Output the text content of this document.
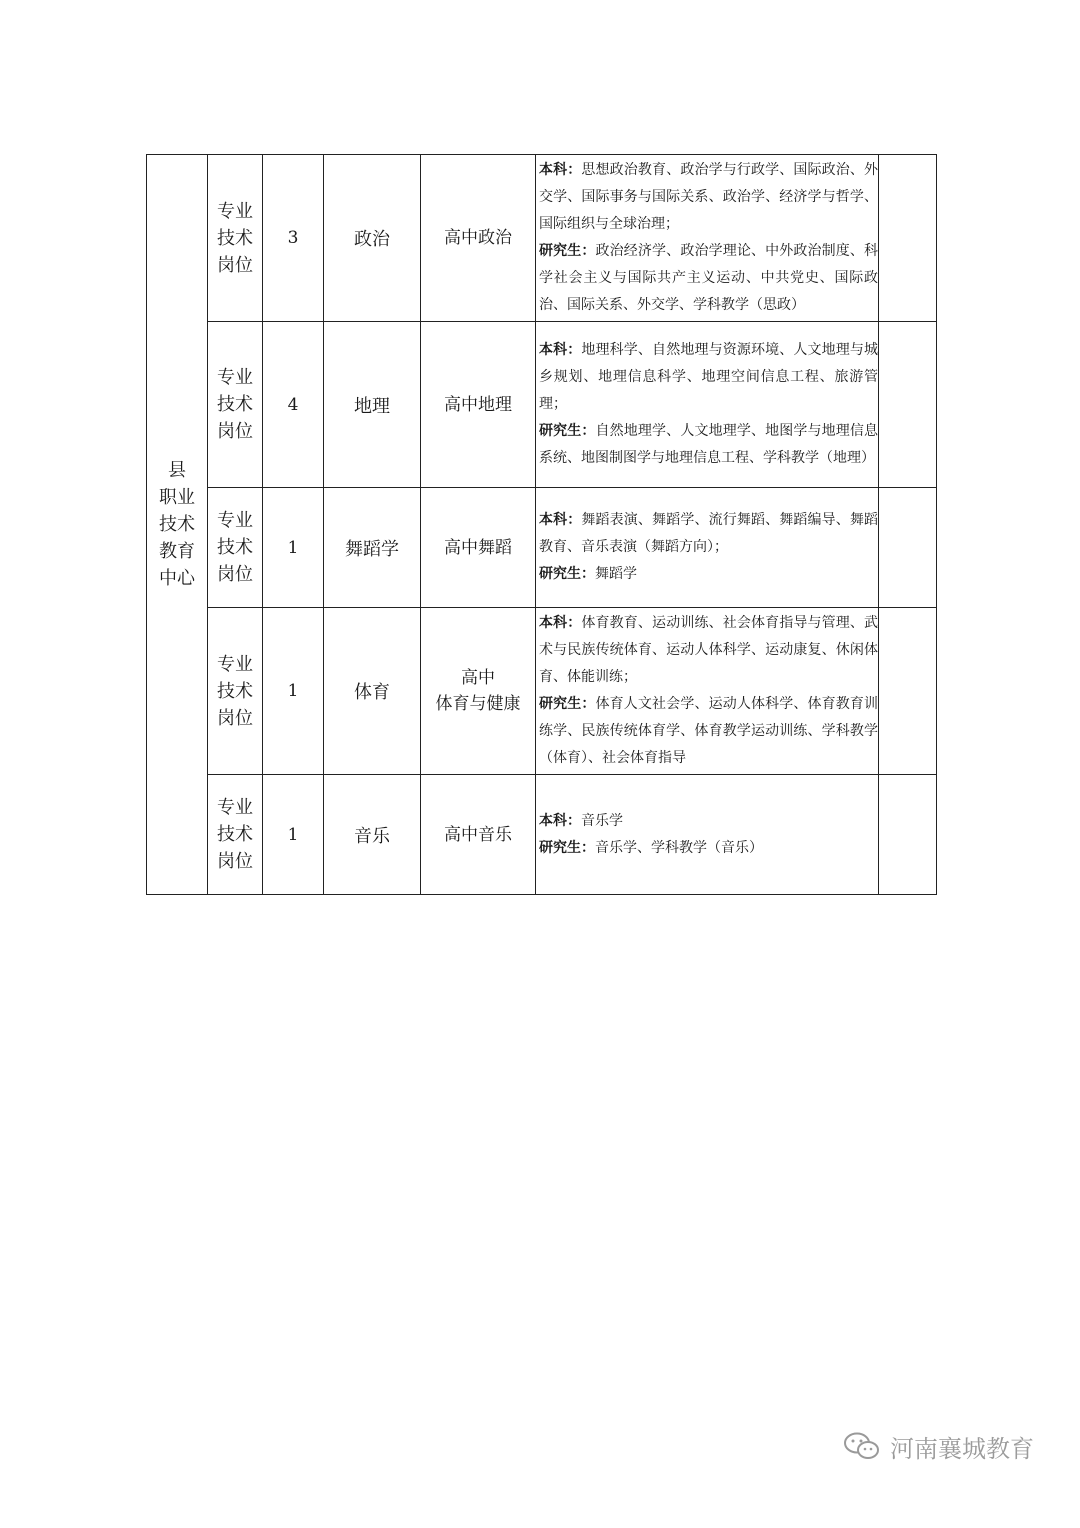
县
职业
技术
教育
中心	专业
技术
岗位	3	政治	高中政治	本科：思想政治教育、政治学与行政学、国际政治、外交学、国际事务与国际关系、政治学、经济学与哲学、国际组织与全球治理；
研究生：政治经济学、政治学理论、中外政治制度、科学社会主义与国际共产主义运动、中共党史、国际政治、国际关系、外交学、学科教学（思政）	

	专业
技术
岗位	4	地理	高中地理	本科：地理科学、自然地理与资源环境、人文地理与城乡规划、地理信息科学、地理空间信息工程、旅游管理；
研究生：自然地理学、人文地理学、地图学与地理信息系统、地图制图学与地理信息工程、学科教学（地理）	

	专业
技术
岗位	1	舞蹈学	高中舞蹈	本科：舞蹈表演、舞蹈学、流行舞蹈、舞蹈编导、舞蹈教育、音乐表演（舞蹈方向）；
研究生：舞蹈学	

	专业
技术
岗位	1	体育	高中
体育与健康	本科：体育教育、运动训练、社会体育指导与管理、武术与民族传统体育、运动人体科学、运动康复、休闲体育、体能训练；
研究生：体育人文社会学、运动人体科学、体育教育训练学、民族传统体育学、体育教学运动训练、学科教学（体育）、社会体育指导	

	专业
技术
岗位	1	音乐	高中音乐	本科：音乐学
研究生：音乐学、学科教学（音乐）	

河南襄城教育
